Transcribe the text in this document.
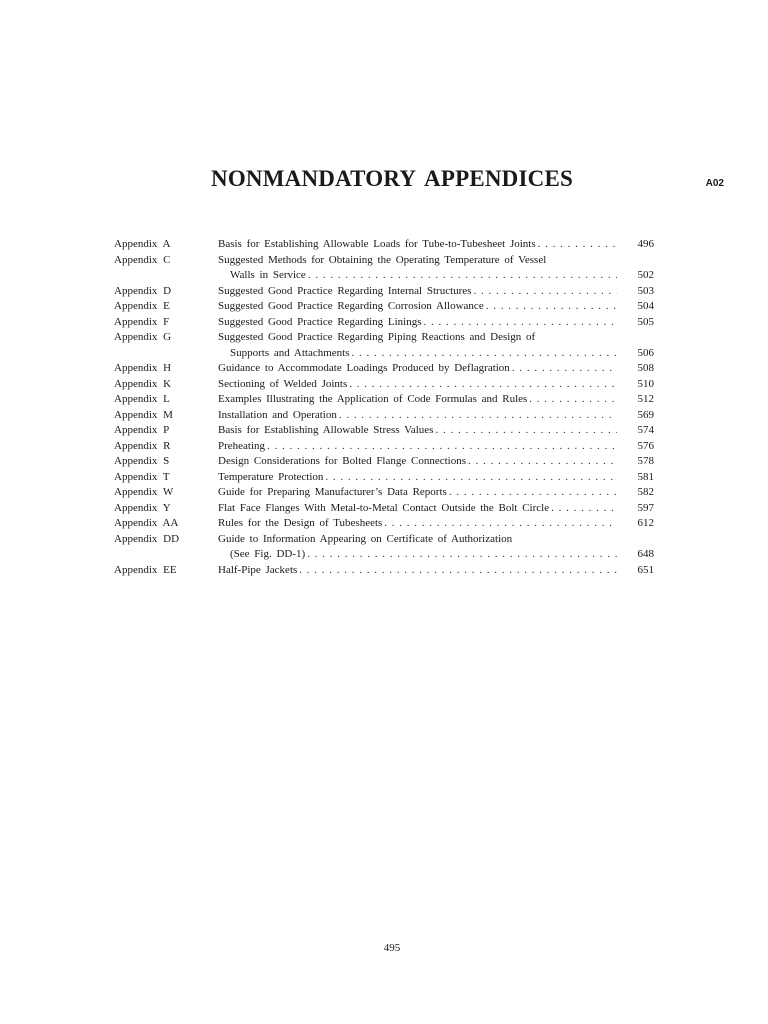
NONMANDATORY APPENDICES	A02
Appendix A	Basis for Establishing Allowable Loads for Tube-to-Tubesheet Joints . . .	496
Appendix C	Suggested Methods for Obtaining the Operating Temperature of Vessel
Walls in Service . . .	502
Appendix D	Suggested Good Practice Regarding Internal Structures . . .	503
Appendix E	Suggested Good Practice Regarding Corrosion Allowance . . .	504
Appendix F	Suggested Good Practice Regarding Linings . . .	505
Appendix G	Suggested Good Practice Regarding Piping Reactions and Design of
Supports and Attachments . . .	506
Appendix H	Guidance to Accommodate Loadings Produced by Deflagration . . .	508
Appendix K	Sectioning of Welded Joints . . .	510
Appendix L	Examples Illustrating the Application of Code Formulas and Rules . . .	512
Appendix M	Installation and Operation . . .	569
Appendix P	Basis for Establishing Allowable Stress Values . . .	574
Appendix R	Preheating . . .	576
Appendix S	Design Considerations for Bolted Flange Connections . . .	578
Appendix T	Temperature Protection . . .	581
Appendix W	Guide for Preparing Manufacturer’s Data Reports . . .	582
Appendix Y	Flat Face Flanges With Metal-to-Metal Contact Outside the Bolt Circle . . .	597
Appendix AA	Rules for the Design of Tubesheets . . .	612
Appendix DD	Guide to Information Appearing on Certificate of Authorization
(See Fig. DD-1) . . .	648
Appendix EE	Half-Pipe Jackets . . .	651
495
